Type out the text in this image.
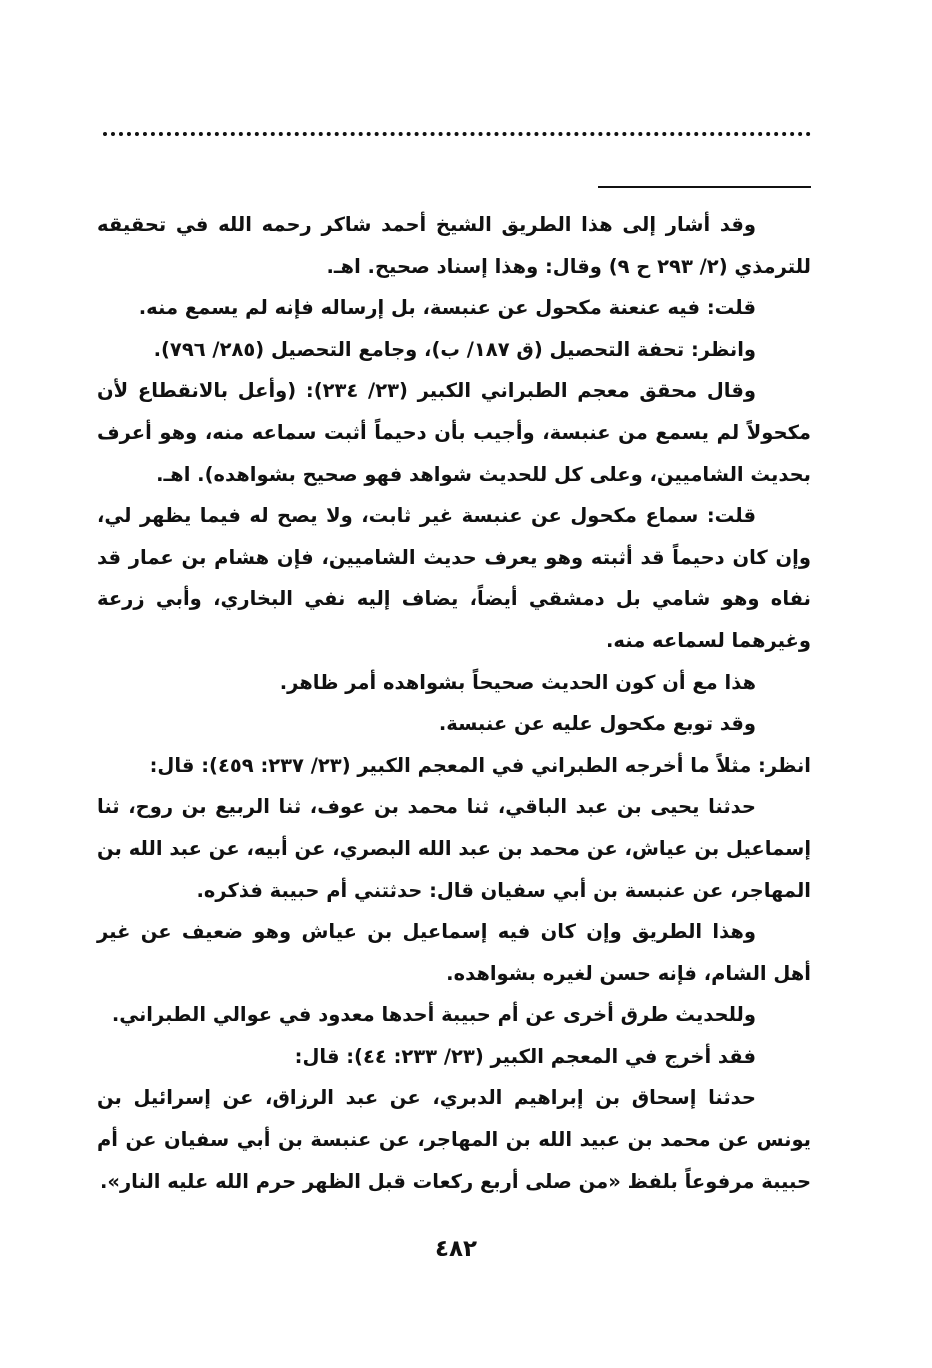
وقد أشار إلى هذا الطريق الشيخ أحمد شاكر رحمه الله في تحقيقه للترمذي (٢/ ٢٩٣ ح ٩) وقال: وهذا إسناد صحيح. اهـ.

قلت: فيه عنعنة مكحول عن عنبسة، بل إرساله فإنه لم يسمع منه.

وانظر: تحفة التحصيل (ق ١٨٧/ ب)، وجامع التحصيل (٢٨٥/ ٧٩٦).

وقال محقق معجم الطبراني الكبير (٢٣/ ٢٣٤): (وأعل بالانقطاع لأن مكحولاً لم يسمع من عنبسة، وأجيب بأن دحيماً أثبت سماعه منه، وهو أعرف بحديث الشاميين، وعلى كل للحديث شواهد فهو صحيح بشواهده). اهـ.

قلت: سماع مكحول عن عنبسة غير ثابت، ولا يصح له فيما يظهر لي، وإن كان دحيماً قد أثبته وهو يعرف حديث الشاميين، فإن هشام بن عمار قد نفاه وهو شامي بل دمشقي أيضاً، يضاف إليه نفي البخاري، وأبي زرعة وغيرهما لسماعه منه.

هذا مع أن كون الحديث صحيحاً بشواهده أمر ظاهر.

وقد توبع مكحول عليه عن عنبسة.

انظر: مثلاً ما أخرجه الطبراني في المعجم الكبير (٢٣/ ٢٣٧: ٤٥٩): قال:

حدثنا يحيى بن عبد الباقي، ثنا محمد بن عوف، ثنا الربيع بن روح، ثنا إسماعيل بن عياش، عن محمد بن عبد الله البصري، عن أبيه، عن عبد الله بن المهاجر، عن عنبسة بن أبي سفيان قال: حدثتني أم حبيبة فذكره.

وهذا الطريق وإن كان فيه إسماعيل بن عياش وهو ضعيف عن غير أهل الشام، فإنه حسن لغيره بشواهده.

وللحديث طرق أخرى عن أم حبيبة أحدها معدود في عوالي الطبراني.

فقد أخرج في المعجم الكبير (٢٣/ ٢٣٣: ٤٤): قال:

حدثنا إسحاق بن إبراهيم الدبري، عن عبد الرزاق، عن إسرائيل بن يونس عن محمد بن عبيد الله بن المهاجر، عن عنبسة بن أبي سفيان عن أم حبيبة مرفوعاً بلفظ «من صلى أربع ركعات قبل الظهر حرم الله عليه النار».

٤٨٢
